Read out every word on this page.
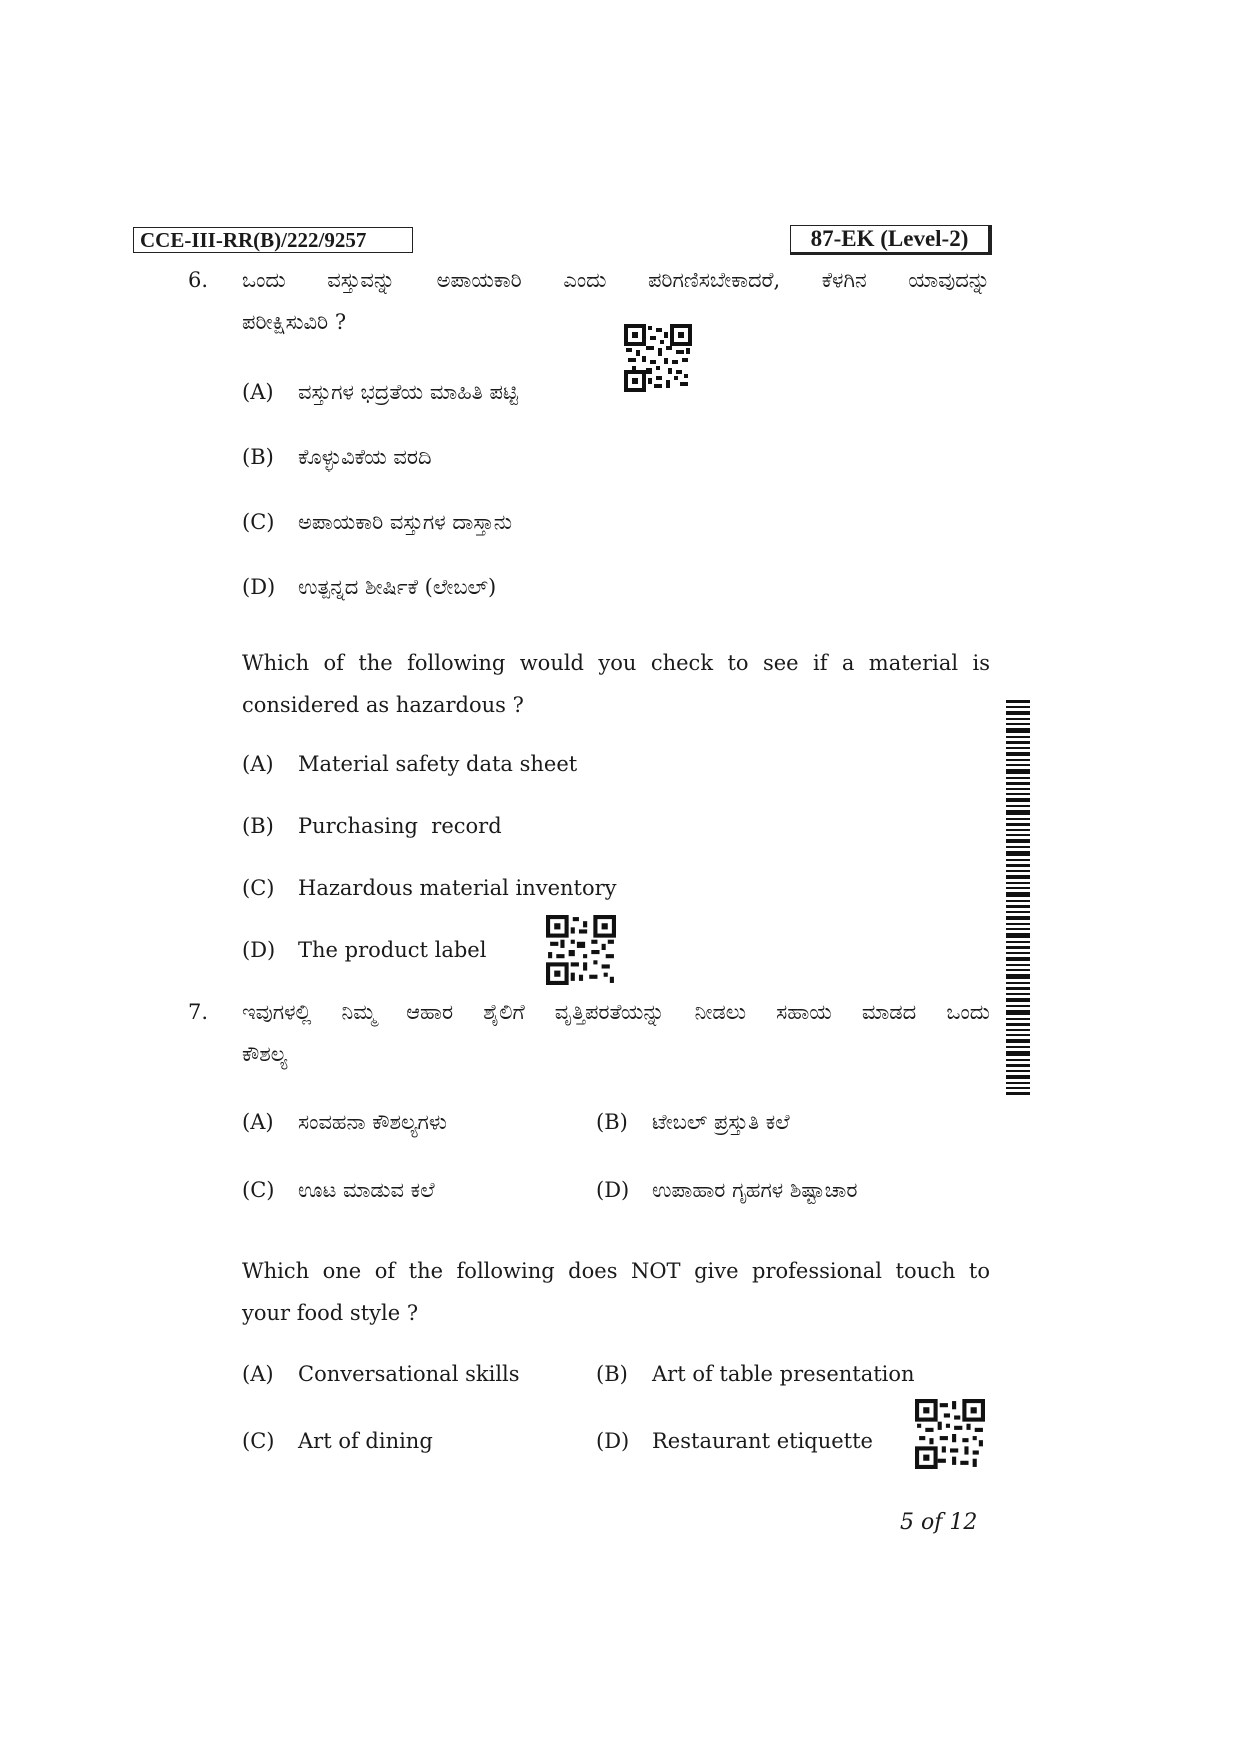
CCE-III-RR(B)/222/9257	87-EK (Level-2)
6. ಒಂದು ವಸ್ತುವನ್ನು ಅಪಾಯಕಾರಿ ಎಂದು ಪರಿಗಣಿಸಬೇಕಾದರೆ, ಕೆಳಗಿನ ಯಾವುದನ್ನು
ಪರೀಕ್ಷಿಸುವಿರಿ ?
(A) ವಸ್ತುಗಳ ಭದ್ರತೆಯ ಮಾಹಿತಿ ಪಟ್ಟಿ
(B) ಕೊಳ್ಳುವಿಕೆಯ ವರದಿ
(C) ಅಪಾಯಕಾರಿ ವಸ್ತುಗಳ ದಾಸ್ತಾನು
(D) ಉತ್ಪನ್ನದ ಶೀರ್ಷಿಕೆ (ಲೇಬಲ್)
Which of the following would you check to see if a material is
considered as hazardous ?
(A) Material safety data sheet
(B) Purchasing  record
(C) Hazardous material inventory
(D) The product label
7. ಇವುಗಳಲ್ಲಿ ನಿಮ್ಮ ಆಹಾರ ಶೈಲಿಗೆ ವೃತ್ತಿಪರತೆಯನ್ನು ನೀಡಲು ಸಹಾಯ ಮಾಡದ ಒಂದು
ಕೌಶಲ್ಯ
(A) ಸಂವಹನಾ ಕೌಶಲ್ಯಗಳು	(B) ಟೇಬಲ್ ಪ್ರಸ್ತುತಿ ಕಲೆ
(C) ಊಟ ಮಾಡುವ ಕಲೆ	(D) ಉಪಾಹಾರ ಗೃಹಗಳ ಶಿಷ್ಟಾಚಾರ
Which one of the following does NOT give professional touch to
your food style ?
(A) Conversational skills	(B) Art of table presentation
(C) Art of dining	(D) Restaurant etiquette
5 of 12
